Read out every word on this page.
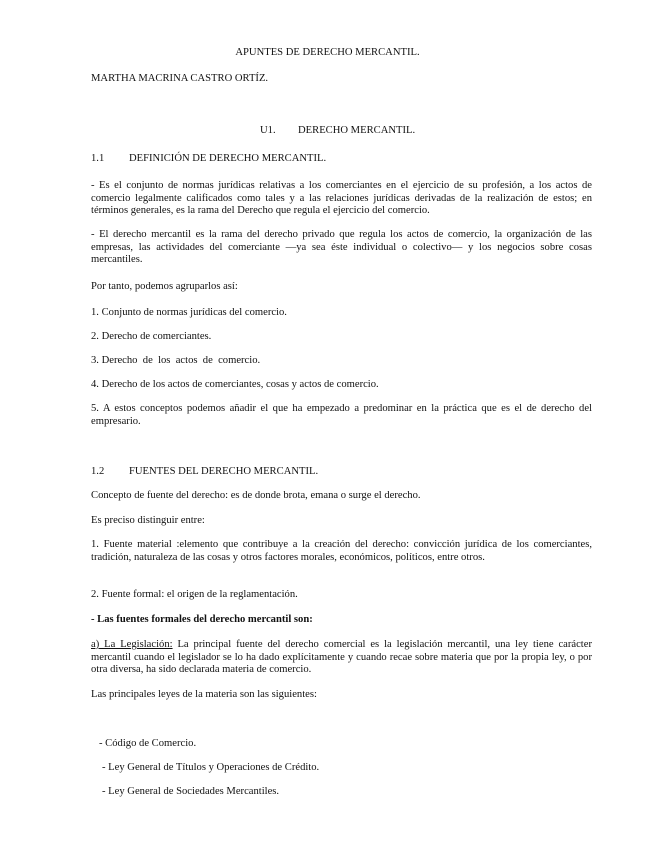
APUNTES DE DERECHO MERCANTIL.

MARTHA MACRINA CASTRO ORTÍZ.

U1. DERECHO MERCANTIL.

1.1 DEFINICIÓN DE DERECHO MERCANTIL.

- Es el conjunto de normas jurídicas relativas a los comerciantes en el ejercicio de su profesión, a los actos de comercio legalmente calificados como tales y a las relaciones jurídicas derivadas de la realización de estos; en términos generales, es la rama del Derecho que regula el ejercicio del comercio.

- El derecho mercantil es la rama del derecho privado que regula los actos de comercio, la organización de las empresas, las actividades del comerciante —ya sea éste individual o colectivo— y los negocios sobre cosas mercantiles.

Por tanto, podemos agruparlos así:

1. Conjunto de normas jurídicas del comercio.

2. Derecho de comerciantes.

3. Derecho  de  los  actos  de  comercio.

4. Derecho de los actos de comerciantes, cosas y actos de comercio.

5. A estos conceptos podemos añadir el que ha empezado a predominar en la práctica que es el de derecho del empresario.

1.2 FUENTES DEL DERECHO MERCANTIL.

Concepto de fuente del derecho: es de donde brota, emana o surge el derecho.

Es preciso distinguir entre:

1. Fuente material :elemento que contribuye a la creación del derecho: convicción jurídica de los comerciantes, tradición, naturaleza de las cosas y otros factores morales, económicos, políticos, entre otros.

2. Fuente formal: el origen de la reglamentación.

- Las fuentes formales del derecho mercantil son:

a) La Legislación: La principal fuente del derecho comercial es la legislación mercantil, una ley tiene carácter mercantil cuando el legislador se lo ha dado explícitamente y cuando recae sobre materia que por la propia ley, o por otra diversa, ha sido declarada materia de comercio.

Las principales leyes de la materia son las siguientes:

- Código de Comercio.

- Ley General de Títulos y Operaciones de Crédito.

- Ley General de Sociedades Mercantiles.
